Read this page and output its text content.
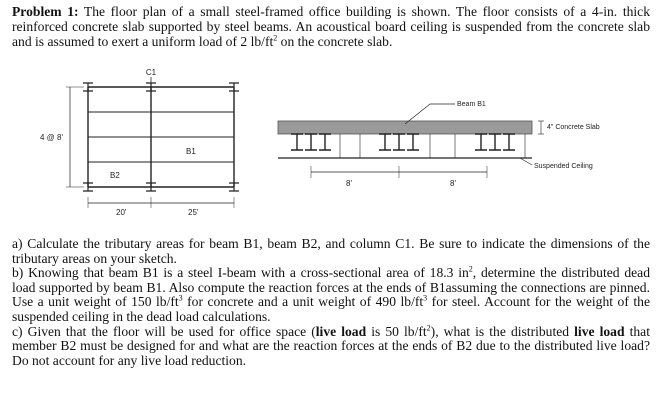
Problem 1: The floor plan of a small steel-framed office building is shown. The floor consists of a 4-in. thick reinforced concrete slab supported by steel beams. An acoustical board ceiling is suspended from the concrete slab and is assumed to exert a uniform load of 2 $lb/ft^2$ on the concrete slab.
C1
4 @ 8'
B1
B2
20'	25'
Beam B1
4" Concrete Slab
Suspended Ceiling
8'	8'

a) Calculate the tributary areas for beam B1, beam B2, and column C1. Be sure to indicate the dimensions of the tributary areas on your sketch.

b) Knowing that beam B1 is a steel I-beam with a cross-sectional area of 18.3 $in^2$, determine the distributed dead load supported by beam B1. Also compute the reaction forces at the ends of B1assuming the connections are pinned. Use a unit weight of 150 $lb/ft^3$ for concrete and a unit weight of 490 $lb/ft^3$ for steel. Account for the weight of the suspended ceiling in the dead load calculations.

c) Given that the floor will be used for office space (live load is 50 $lb/ft^2$), what is the distributed live load that member B2 must be designed for and what are the reaction forces at the ends of B2 due to the distributed live load? Do not account for any live load reduction.
